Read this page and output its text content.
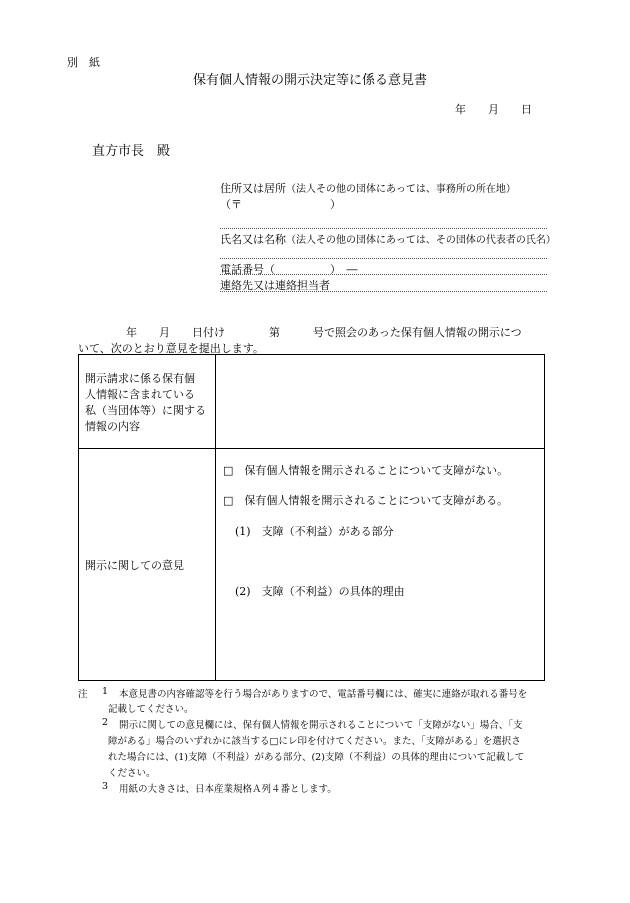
別　紙
保有個人情報の開示決定等に係る意見書
年　　月　　日
直方市長　殿
住所又は居所（法人その他の団体にあっては、事務所の所在地）
（〒　　　　　　　　）
氏名又は名称（法人その他の団体にあっては、その団体の代表者の氏名）
電話番号（　　　　　）　―
連絡先又は連絡担当者
年　　月　　日付け　　　　第　　　号で照会のあった保有個人情報の開示につ
いて、次のとおり意見を提出します。
開示請求に係る保有個
人情報に含まれている
私（当団体等）に関する
情報の内容
開示に関しての意見
□　保有個人情報を開示されることについて支障がない。
□　保有個人情報を開示されることについて支障がある。
(1)　支障（不利益）がある部分
(2)　支障（不利益）の具体的理由
注 1 本意見書の内容確認等を行う場合がありますので、電話番号欄には、確実に連絡が取れる番号を
記載してください。
2 開示に関しての意見欄には、保有個人情報を開示されることについて「支障がない」場合、「支
障がある」場合のいずれかに該当する□にレ印を付けてください。また、「支障がある」を選択さ
れた場合には、(1)支障（不利益）がある部分、(2)支障（不利益）の具体的理由について記載して
ください。
3 用紙の大きさは、日本産業規格Ａ列４番とします。
